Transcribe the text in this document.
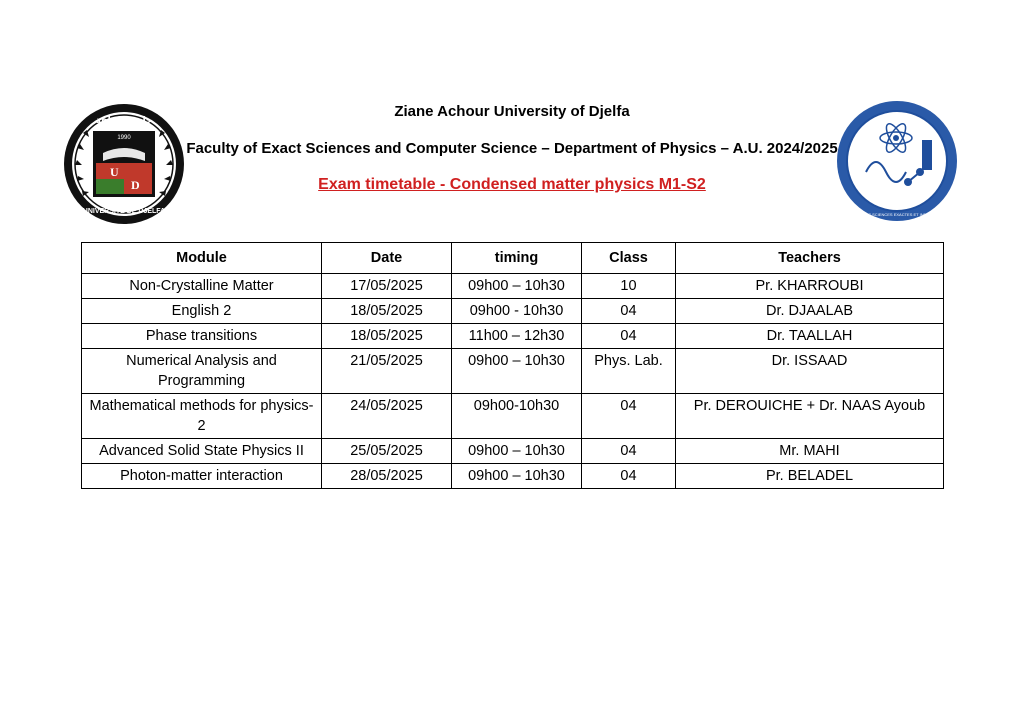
U
D
1990
جامعة الجلفة
UNIVERSITÉ DE DJELFA
FSEI
FACULTE DES SCIENCES EXACTES ET INFORMATIQUE
Ziane Achour University of Djelfa
Faculty of Exact Sciences and Computer Science – Department of Physics – A.U. 2024/2025
Exam timetable - Condensed matter physics M1-S2
Module	Date	timing	Class	Teachers
Non-Crystalline Matter	17/05/2025	09h00 – 10h30	10	Pr. KHARROUBI
English 2	18/05/2025	09h00 - 10h30	04	Dr. DJAALAB
Phase transitions	18/05/2025	11h00 – 12h30	04	Dr. TAALLAH
Numerical Analysis and Programming	21/05/2025	09h00 – 10h30	Phys. Lab.	Dr. ISSAAD
Mathematical methods for physics-2	24/05/2025	09h00-10h30	04	Pr. DEROUICHE + Dr. NAAS Ayoub
Advanced Solid State Physics II	25/05/2025	09h00 – 10h30	04	Mr. MAHI
Photon-matter interaction	28/05/2025	09h00 – 10h30	04	Pr. BELADEL
